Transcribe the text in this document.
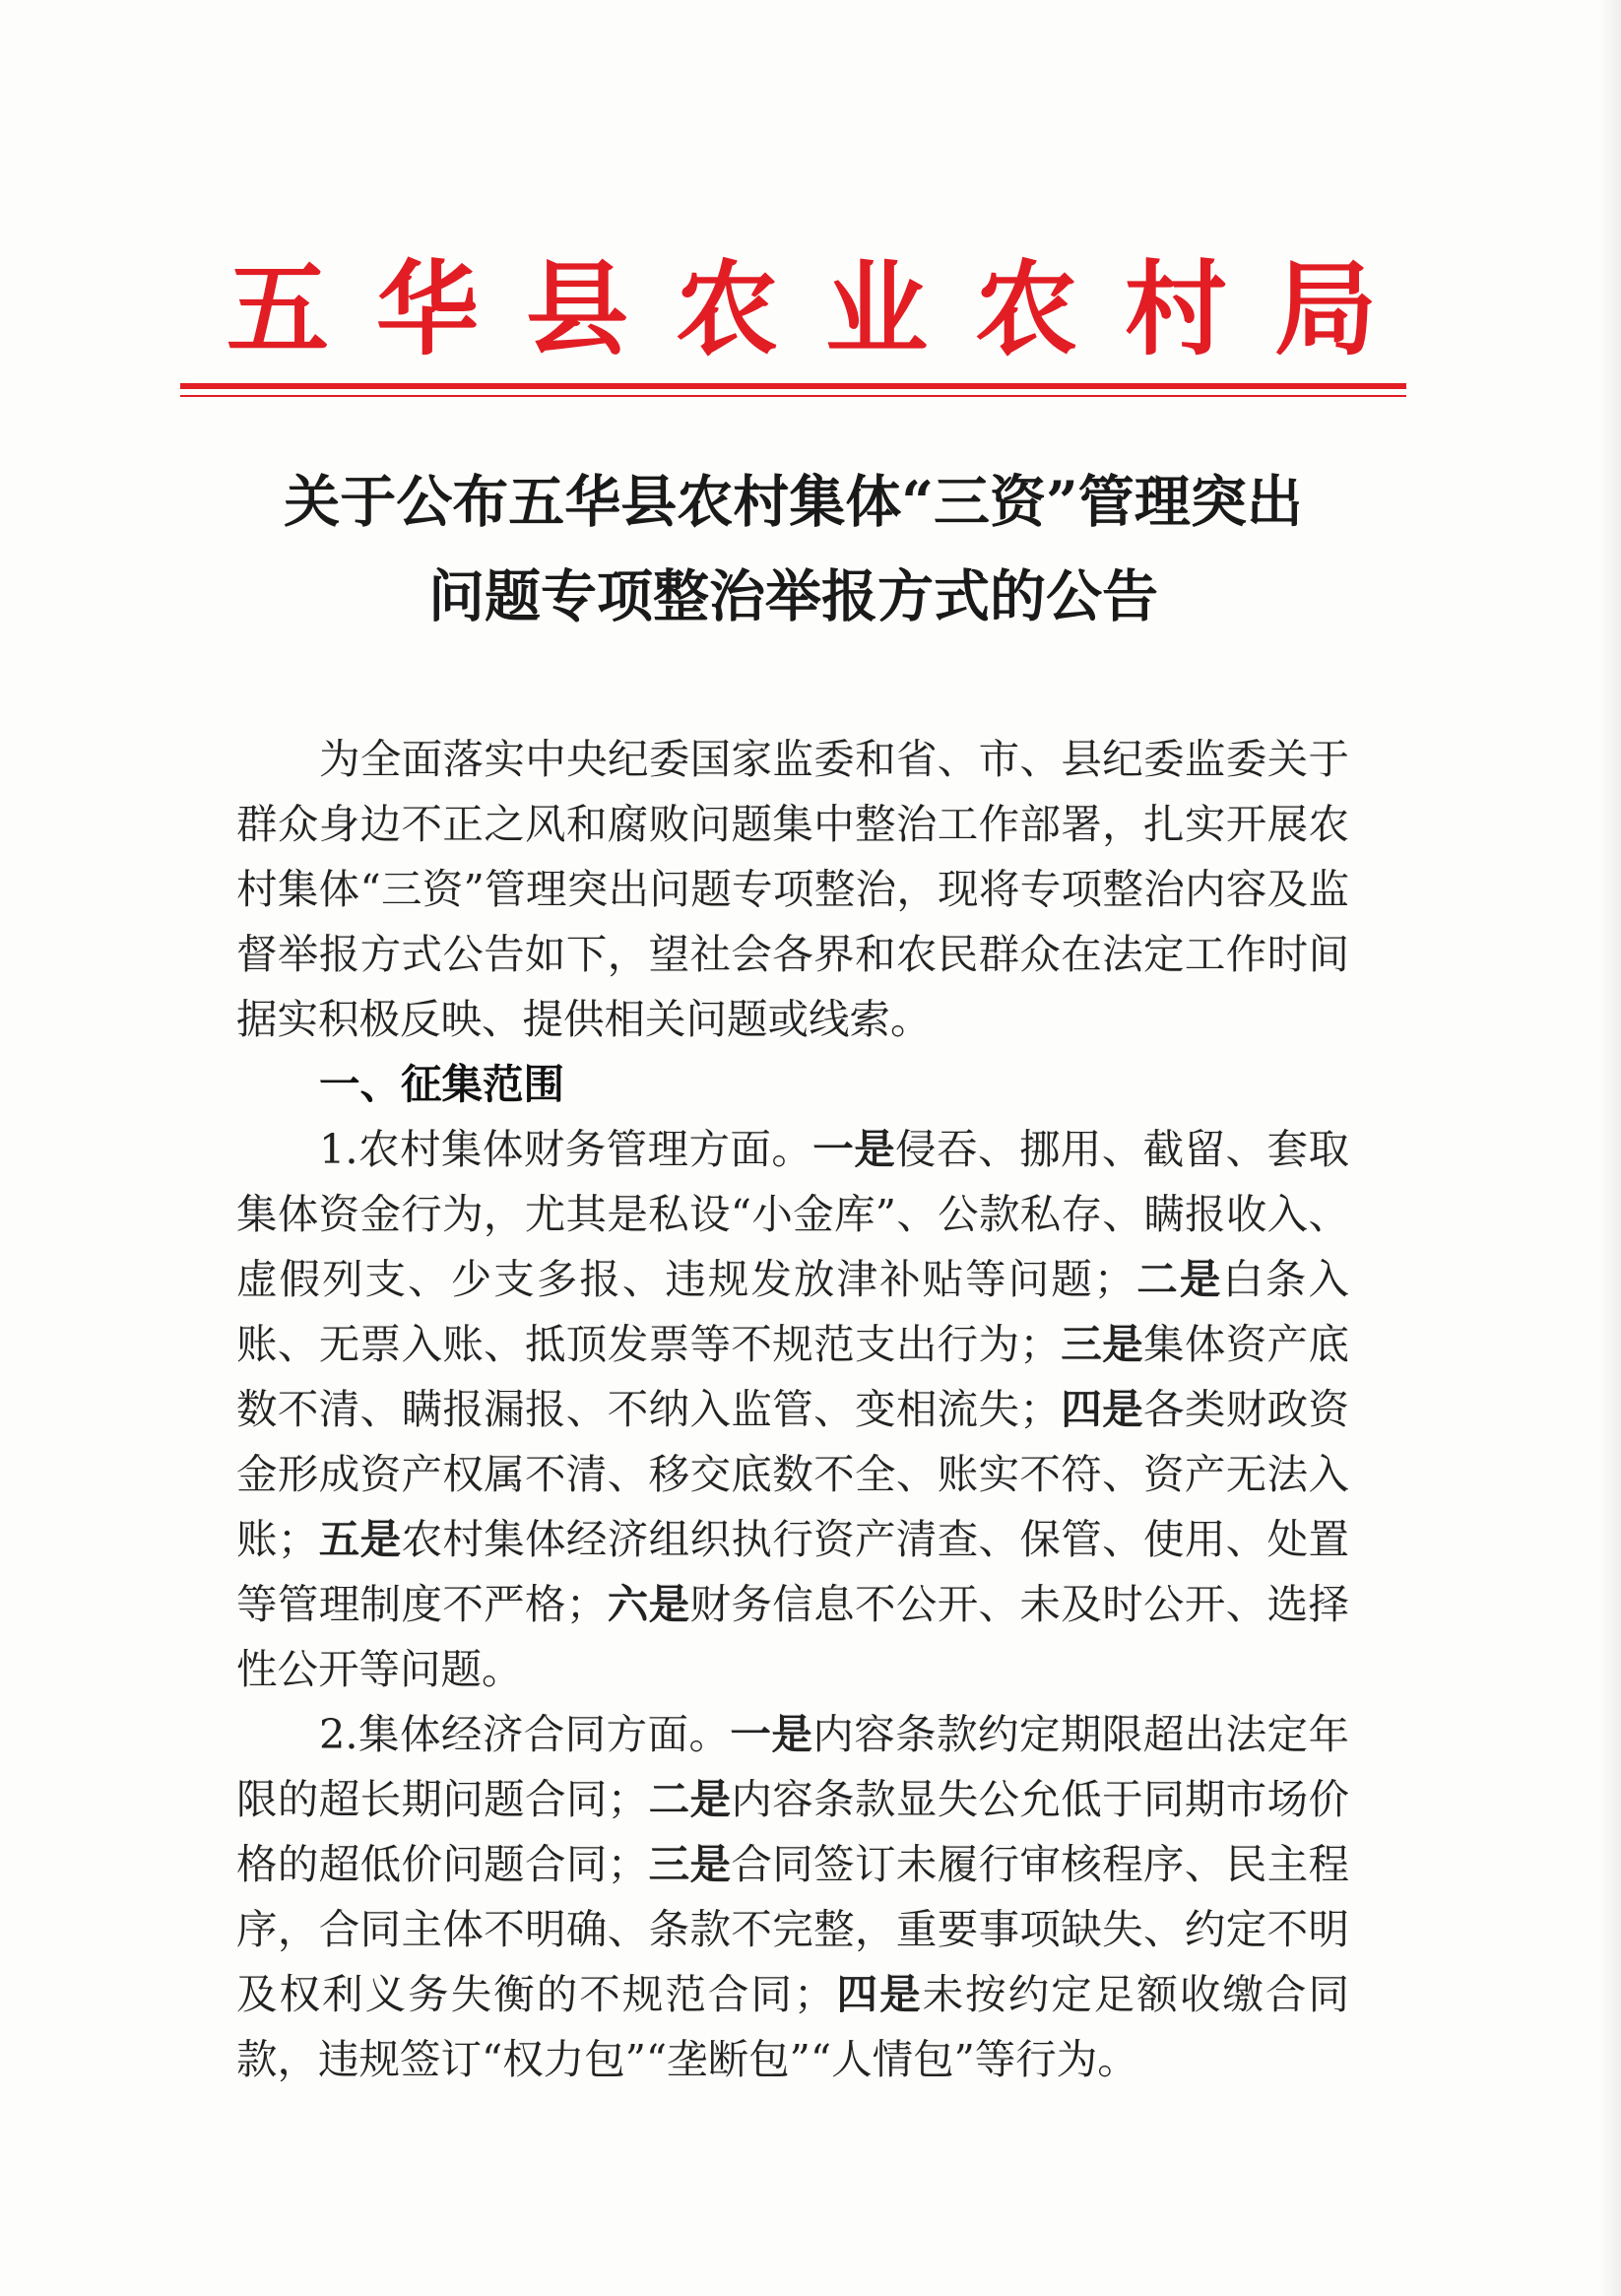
五华县农业农村局
关于公布五华县农村集体“三资”管理突出
问题专项整治举报方式的公告

为全面落实中央纪委国家监委和省、市、县纪委监委关于群众身边不正之风和腐败问题集中整治工作部署，扎实开展农村集体“三资”管理突出问题专项整治，现将专项整治内容及监督举报方式公告如下，望社会各界和农民群众在法定工作时间据实积极反映、提供相关问题或线索。

一、征集范围

1.农村集体财务管理方面。一是侵吞、挪用、截留、套取集体资金行为，尤其是私设“小金库”、公款私存、瞒报收入、虚假列支、少支多报、违规发放津补贴等问题；二是白条入账、无票入账、抵顶发票等不规范支出行为；三是集体资产底数不清、瞒报漏报、不纳入监管、变相流失；四是各类财政资金形成资产权属不清、移交底数不全、账实不符、资产无法入账；五是农村集体经济组织执行资产清查、保管、使用、处置等管理制度不严格；六是财务信息不公开、未及时公开、选择性公开等问题。

2.集体经济合同方面。一是内容条款约定期限超出法定年限的超长期问题合同；二是内容条款显失公允低于同期市场价格的超低价问题合同；三是合同签订未履行审核程序、民主程序，合同主体不明确、条款不完整，重要事项缺失、约定不明及权利义务失衡的不规范合同；四是未按约定足额收缴合同款，违规签订“权力包”“垄断包”“人情包”等行为。
